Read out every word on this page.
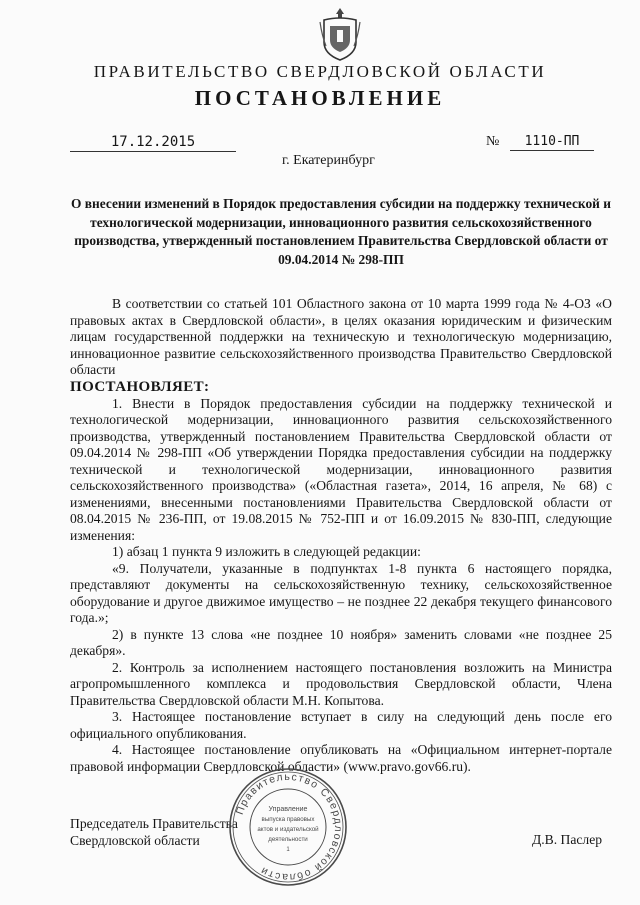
ПРАВИТЕЛЬСТВО СВЕРДЛОВСКОЙ ОБЛАСТИ
ПОСТАНОВЛЕНИЕ
17.12.2015	№	1110-ПП
г. Екатеринбург
О внесении изменений в Порядок предоставления субсидии на поддержку технической и технологической модернизации, инновационного развития сельскохозяйственного производства, утвержденный постановлением Правительства Свердловской области от 09.04.2014 № 298-ПП

В соответствии со статьей 101 Областного закона от 10 марта 1999 года № 4-ОЗ «О правовых актах в Свердловской области», в целях оказания юридическим и физическим лицам государственной поддержки на техническую и технологическую модернизацию, инновационное развитие сельскохозяйственного производства Правительство Свердловской области

ПОСТАНОВЛЯЕТ:

1. Внести в Порядок предоставления субсидии на поддержку технической и технологической модернизации, инновационного развития сельскохозяйственного производства, утвержденный постановлением Правительства Свердловской области от 09.04.2014 № 298-ПП «Об утверждении Порядка предоставления субсидии на поддержку технической и технологической модернизации, инновационного развития сельскохозяйственного производства» («Областная газета», 2014, 16 апреля, № 68) с изменениями, внесенными постановлениями Правительства Свердловской области от 08.04.2015 № 236-ПП, от 19.08.2015 № 752-ПП и от 16.09.2015 № 830-ПП, следующие изменения:

1) абзац 1 пункта 9 изложить в следующей редакции:

«9. Получатели, указанные в подпунктах 1-8 пункта 6 настоящего порядка, представляют документы на сельскохозяйственную технику, сельскохозяйственное оборудование и другое движимое имущество – не позднее 22 декабря текущего финансового года.»;

2) в пункте 13 слова «не позднее 10 ноября» заменить словами «не позднее 25 декабря».

2. Контроль за исполнением настоящего постановления возложить на Министра агропромышленного комплекса и продовольствия Свердловской области, Члена Правительства Свердловской области М.Н. Копытова.

3. Настоящее постановление вступает в силу на следующий день после его официального опубликования.

4. Настоящее постановление опубликовать на «Официальном интернет-портале правовой информации Свердловской области» (www.pravo.gov66.ru).

Председатель Правительства
Свердловской области	Д.В. Паслер
Правительство Свердловской области
Управление
выпуска правовых
актов и издательской
деятельности
1
